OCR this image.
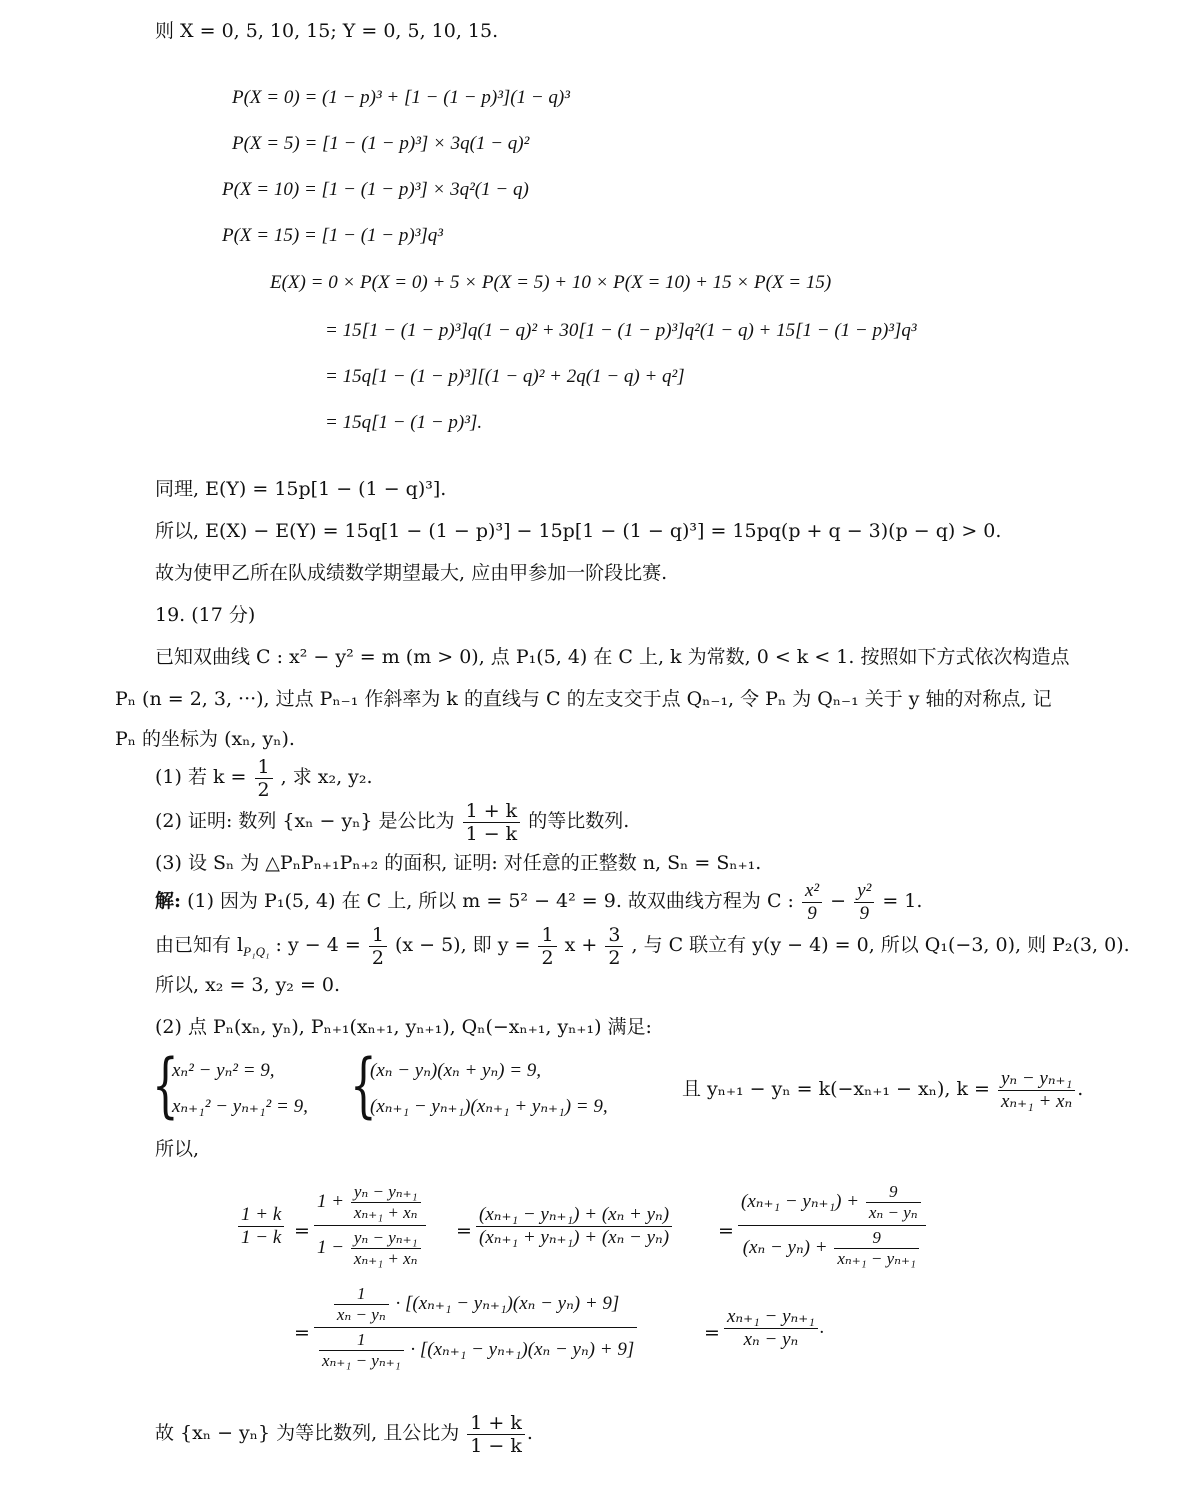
则 X = 0, 5, 10, 15; Y = 0, 5, 10, 15.
P(X = 0) = (1 − p)³ + [1 − (1 − p)³](1 − q)³
P(X = 5) = [1 − (1 − p)³] × 3q(1 − q)²
P(X = 10) = [1 − (1 − p)³] × 3q²(1 − q)
P(X = 15) = [1 − (1 − p)³]q³
E(X) = 0 × P(X = 0) + 5 × P(X = 5) + 10 × P(X = 10) + 15 × P(X = 15)
= 15[1 − (1 − p)³]q(1 − q)² + 30[1 − (1 − p)³]q²(1 − q) + 15[1 − (1 − p)³]q³
= 15q[1 − (1 − p)³][(1 − q)² + 2q(1 − q) + q²]
= 15q[1 − (1 − p)³].
同理, E(Y) = 15p[1 − (1 − q)³].
所以, E(X) − E(Y) = 15q[1 − (1 − p)³] − 15p[1 − (1 − q)³] = 15pq(p + q − 3)(p − q) > 0.
故为使甲乙所在队成绩数学期望最大, 应由甲参加一阶段比赛.
19. (17 分)
已知双曲线 C : x² − y² = m (m > 0), 点 P₁(5, 4) 在 C 上, k 为常数, 0 < k < 1. 按照如下方式依次构造点
Pₙ (n = 2, 3, ···), 过点 Pₙ₋₁ 作斜率为 k 的直线与 C 的左支交于点 Qₙ₋₁, 令 Pₙ 为 Qₙ₋₁ 关于 y 轴的对称点, 记
Pₙ 的坐标为 (xₙ, yₙ).
(1) 若 $k = \frac{1}{2}$ , 求 x₂, y₂.
(2) 证明: 数列 {xₙ − yₙ} 是公比为 $\frac{1 + k}{1 - k}$ 的等比数列.
(3) 设 Sₙ 为 △PₙPₙ₊₁Pₙ₊₂ 的面积, 证明: 对任意的正整数 n, Sₙ = Sₙ₊₁.
解: (1) 因为 P₁(5, 4) 在 C 上, 所以 m = 5² − 4² = 9. 故双曲线方程为 C : $\frac{\text{x²}}{9} - \frac{\text{y²}}{9} = 1$.
由已知有 $l_{P_1Q_1}$ : $y - 4 = \frac{1}{2} (x - 5)$, 即 $y = \frac{1}{2}$ $x + \frac{3}{2}$ , 与 C 联立有 y(y − 4) = 0, 所以 Q₁(−3, 0), 则 P₂(3, 0).
所以, x₂ = 3, y₂ = 0.
(2) 点 Pₙ(xₙ, yₙ), Pₙ₊₁(xₙ₊₁, yₙ₊₁), Qₙ(−xₙ₊₁, yₙ₊₁) 满足:
{
xₙ² − yₙ² = 9,
xₙ₊₁² − yₙ₊₁² = 9, {
(xₙ − yₙ)(xₙ + yₙ) = 9,
(xₙ₊₁ − yₙ₊₁)(xₙ₊₁ + yₙ₊₁) = 9,
且 yₙ₊₁ − yₙ = k(−xₙ₊₁ − xₙ), $k = \frac{\text{yₙ − yₙ₊₁}}{\text{xₙ₊₁ + xₙ}}$ .
所以,
$\frac{1 + k}{1 - k} = \frac{1 + \frac{\text{yₙ − yₙ₊₁}}{\text{xₙ₊₁ + xₙ}}}{1 - \frac{\text{yₙ − yₙ₊₁}}{\text{xₙ₊₁ + xₙ}}} = \frac{\text{(xₙ₊₁ − yₙ₊₁) + (xₙ + yₙ)}}{\text{(xₙ₊₁ + yₙ₊₁) + (xₙ − yₙ)}} = \frac{(x_{n+1} - y_{n+1}) + \frac{9}{\text{xₙ − yₙ}}}{(x_n - y_n) + \frac{9}{\text{xₙ₊₁ − yₙ₊₁}}}$
= $\frac{\frac{1}{\text{xₙ − yₙ}} \cdot [(x_{n+1} - y_{n+1})(x_n - y_n) + 9]}{\frac{1}{\text{xₙ₊₁ − yₙ₊₁}} \cdot [(x_{n+1} - y_{n+1})(x_n - y_n) + 9]}$	= $\frac{\text{xₙ₊₁ − yₙ₊₁}}{\text{xₙ − yₙ}}$ .
故 {xₙ − yₙ} 为等比数列, 且公比为 $\frac{1 + k}{1 - k}$ .
